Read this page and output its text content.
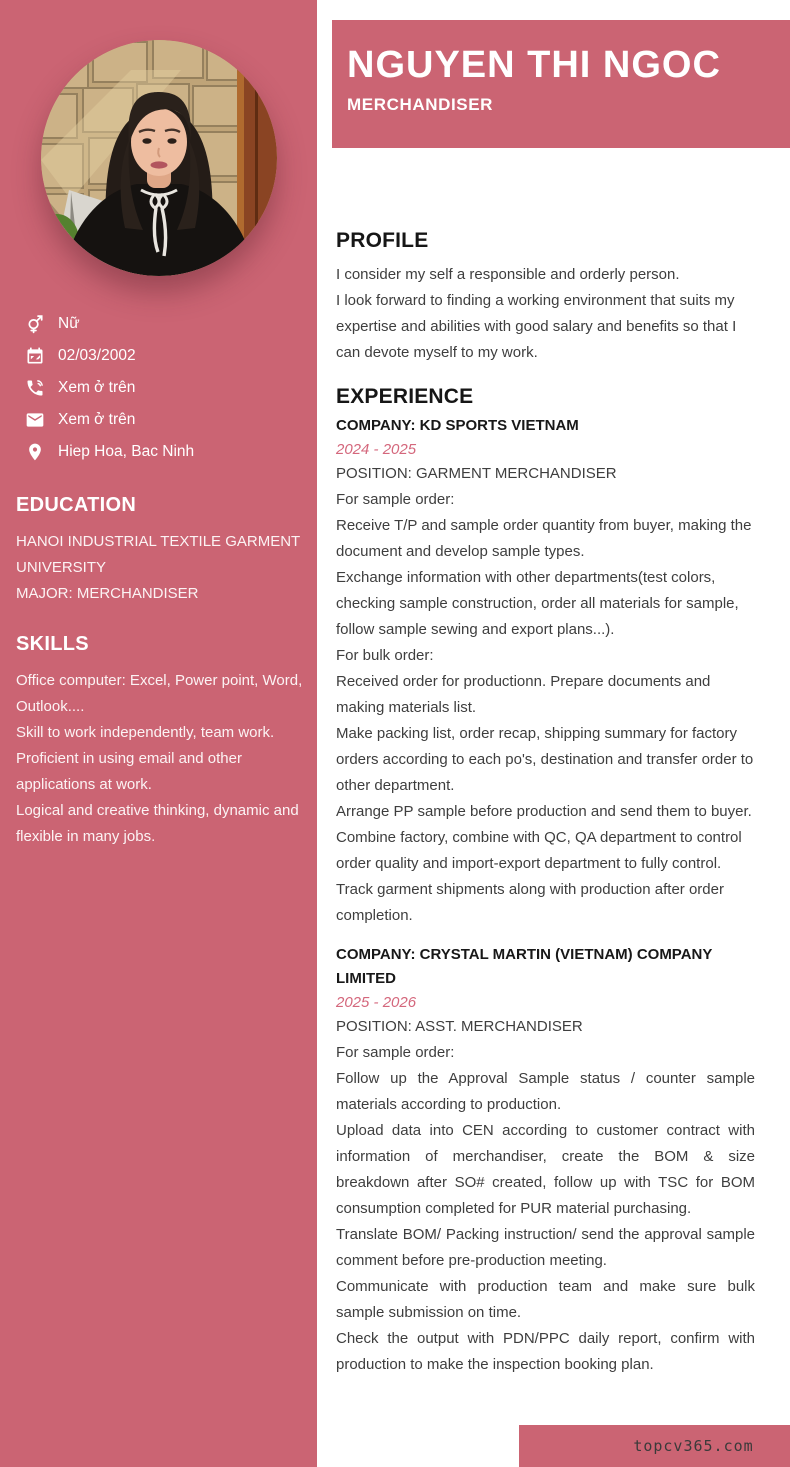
Nữ
02/03/2002
Xem ở trên
Xem ở trên
Hiep Hoa, Bac Ninh
EDUCATION

HANOI INDUSTRIAL TEXTILE GARMENT UNIVERSITY

MAJOR: MERCHANDISER

SKILLS

Office computer: Excel, Power point, Word, Outlook....

Skill to work independently, team work.

Proficient in using email and other applications at work.

Logical and creative thinking, dynamic and flexible in many jobs.

NGUYEN THI NGOC
MERCHANDISER
PROFILE

I consider my self a responsible and orderly person.

I look forward to finding a working environment that suits my expertise and abilities with good salary and benefits so that I can devote myself to my work.

EXPERIENCE

COMPANY: KD SPORTS VIETNAM

2024 - 2025

POSITION: GARMENT MERCHANDISER

For sample order:

Receive T/P and sample order quantity from buyer, making the document and develop sample types.

Exchange information with other departments(test colors, checking sample construction, order all materials for sample, follow sample sewing and export plans...).

For bulk order:

Received order for productionn. Prepare documents and making materials list.

Make packing list, order recap, shipping summary for factory orders according to each po's, destination and transfer order to other department.

Arrange PP sample before production and send them to buyer.

Combine factory, combine with QC, QA department to control order quality and import-export department to fully control.

Track garment shipments along with production after order completion.

COMPANY: CRYSTAL MARTIN (VIETNAM) COMPANY LIMITED

2025 - 2026

POSITION: ASST. MERCHANDISER

For sample order:

Follow up the Approval Sample status / counter sample materials according to production.

Upload data into CEN according to customer contract with information of merchandiser, create the BOM & size breakdown after SO# created, follow up with TSC for BOM consumption completed for PUR material purchasing.

Translate BOM/ Packing instruction/ send the approval sample comment before pre-production meeting.

Communicate with production team and make sure bulk sample submission on time.

Check the output with PDN/PPC daily report, confirm with production to make the inspection booking plan.

topcv365.com
